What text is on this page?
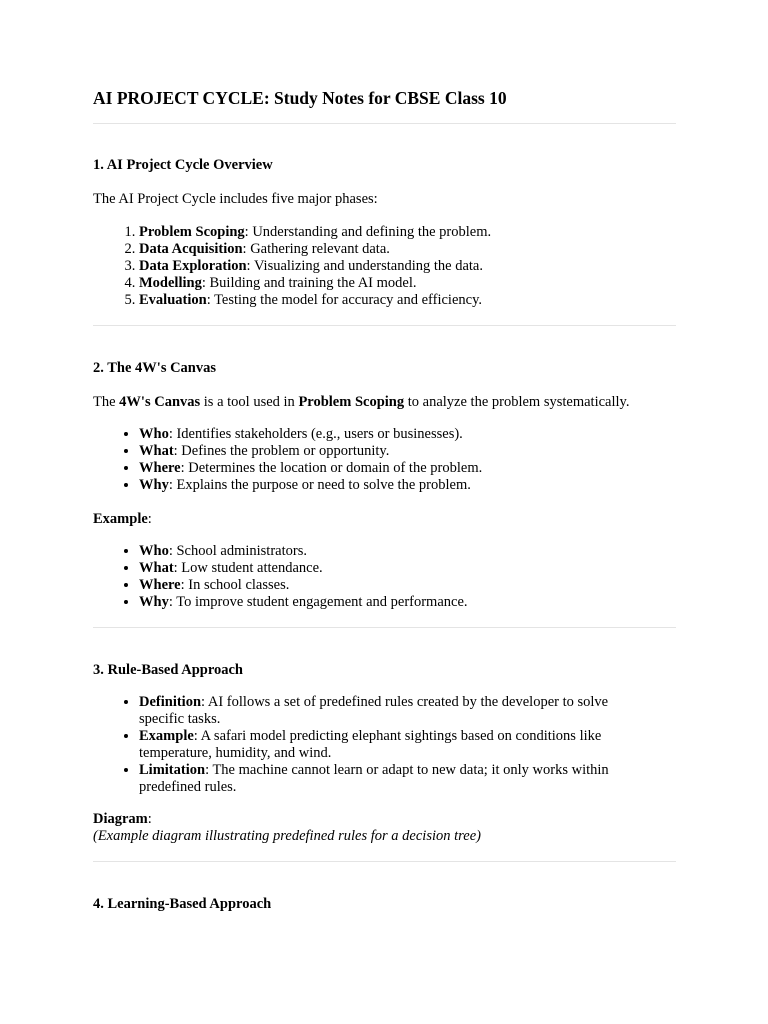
AI PROJECT CYCLE: Study Notes for CBSE Class 10
1. AI Project Cycle Overview

The AI Project Cycle includes five major phases:

1. Problem Scoping: Understanding and defining the problem.
2. Data Acquisition: Gathering relevant data.
3. Data Exploration: Visualizing and understanding the data.
4. Modelling: Building and training the AI model.
5. Evaluation: Testing the model for accuracy and efficiency.
2. The 4W's Canvas

The 4W's Canvas is a tool used in Problem Scoping to analyze the problem systematically.

• Who: Identifies stakeholders (e.g., users or businesses).
• What: Defines the problem or opportunity.
• Where: Determines the location or domain of the problem.
• Why: Explains the purpose or need to solve the problem.

Example:

• Who: School administrators.
• What: Low student attendance.
• Where: In school classes.
• Why: To improve student engagement and performance.
3. Rule-Based Approach
• Definition: AI follows a set of predefined rules created by the developer to solve specific tasks.
• Example: A safari model predicting elephant sightings based on conditions like temperature, humidity, and wind.
• Limitation: The machine cannot learn or adapt to new data; it only works within predefined rules.

Diagram:

(Example diagram illustrating predefined rules for a decision tree)

4. Learning-Based Approach
